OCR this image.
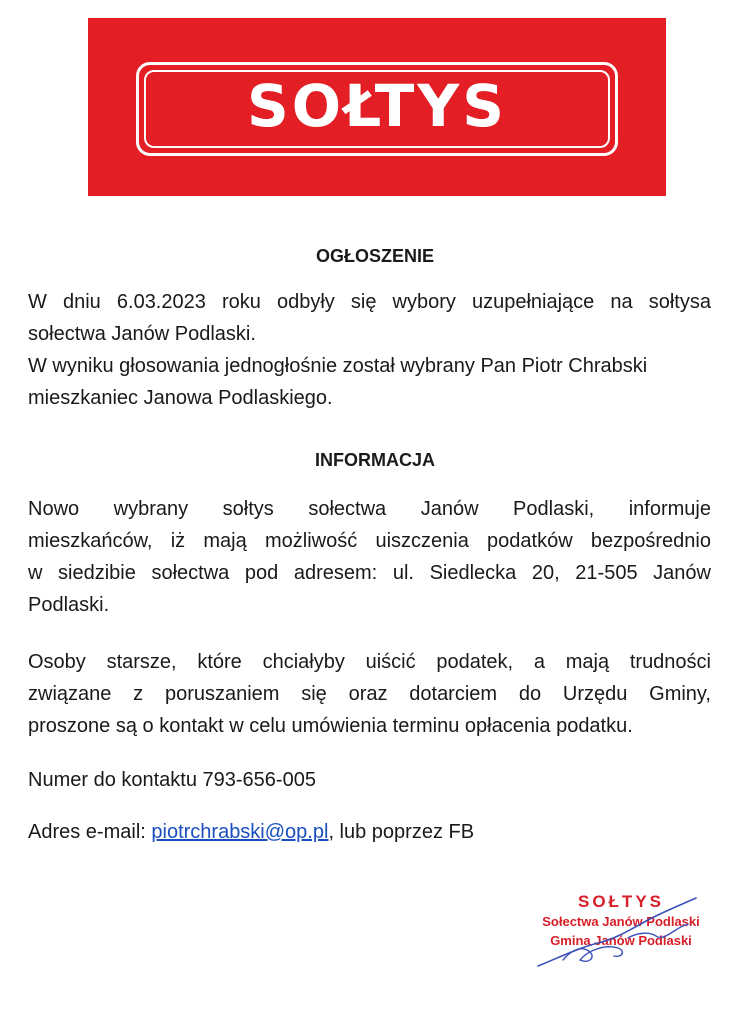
SOŁTYS
OGŁOSZENIE
W dniu 6.03.2023 roku odbyły się wybory uzupełniające na sołtysa
sołectwa Janów Podlaski.
W wyniku głosowania jednogłośnie został wybrany Pan Piotr Chrabski
mieszkaniec Janowa Podlaskiego.
INFORMACJA
Nowo wybrany sołtys sołectwa Janów Podlaski, informuje
mieszkańców, iż mają możliwość uiszczenia podatków bezpośrednio
w siedzibie sołectwa pod adresem: ul. Siedlecka 20, 21-505 Janów
Podlaski.
Osoby starsze, które chciałyby uiścić podatek, a mają trudności
związane z poruszaniem się oraz dotarciem do Urzędu Gminy,
proszone są o kontakt w celu umówienia terminu opłacenia podatku.
Numer do kontaktu 793-656-005
Adres e-mail: piotrchrabski@op.pl, lub poprzez FB
SOŁTYS
Sołectwa Janów Podlaski
Gmina Janów Podlaski
